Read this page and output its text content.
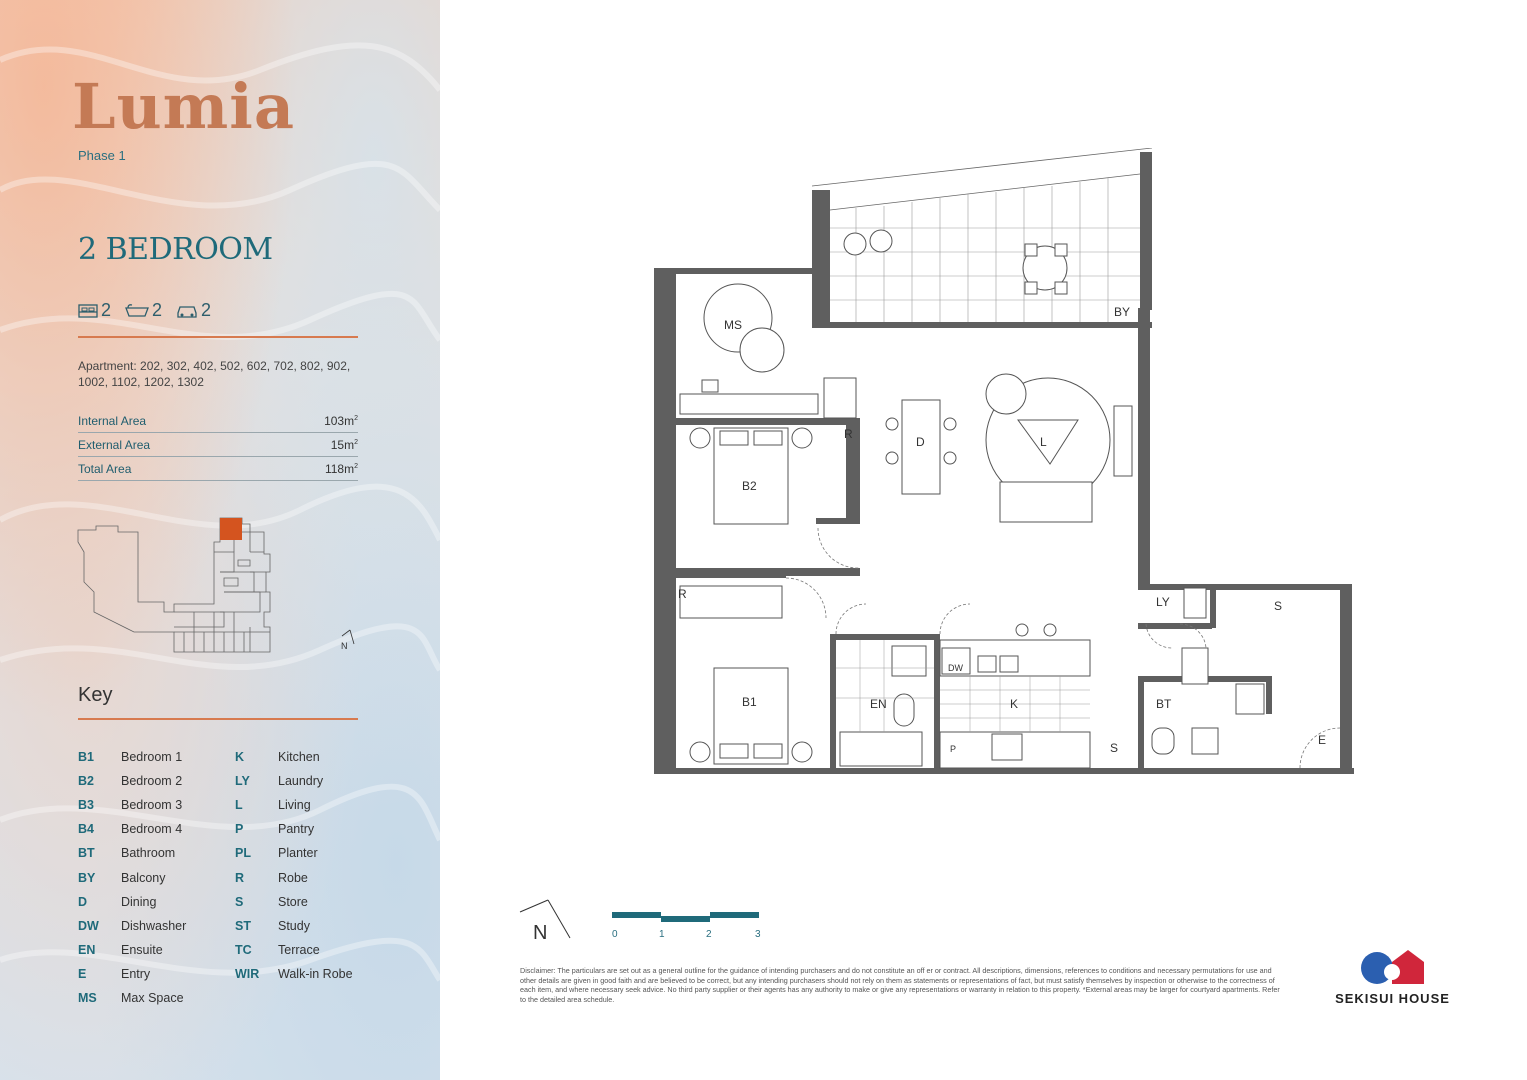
Lumia
Phase 1
2 BEDROOM
2 2 2
Apartment: 202, 302, 402, 502, 602, 702, 802, 902, 1002, 1102, 1202, 1302
Internal Area	$103m^2$
External Area	$15m^2$
Total Area	$118m^2$
N
Key
B1	Bedroom 1
B2	Bedroom 2
B3	Bedroom 3
B4	Bedroom 4
BT	Bathroom
BY	Balcony
D	Dining
DW	Dishwasher
EN	Ensuite
E	Entry
MS	Max Space
K	Kitchen
LY	Laundry
L	Living
P	Pantry
PL	Planter
R	Robe
S	Store
ST	Study
TC	Terrace
WIR	Walk-in Robe
MS
BY
D	L
R
B2
R
LY	S
B1	EN
DW
K
P	S
BT
E
N	0	1	2	3
Disclaimer: The particulars are set out as a general outline for the guidance of intending purchasers and do not constitute an off er or contract. All descriptions, dimensions, references to conditions and necessary permutations for use and other details are given in good faith and are believed to be correct, but any intending purchasers should not rely on them as statements or representations of fact, but must satisfy themselves by inspection or otherwise to the correctness of each item, and where necessary seek advice. No third party supplier or their agents has any authority to make or give any representations or warranty in relation to this property. *External areas may be larger for courtyard apartments. Refer to the detailed area schedule.	SEKISUI HOUSE
